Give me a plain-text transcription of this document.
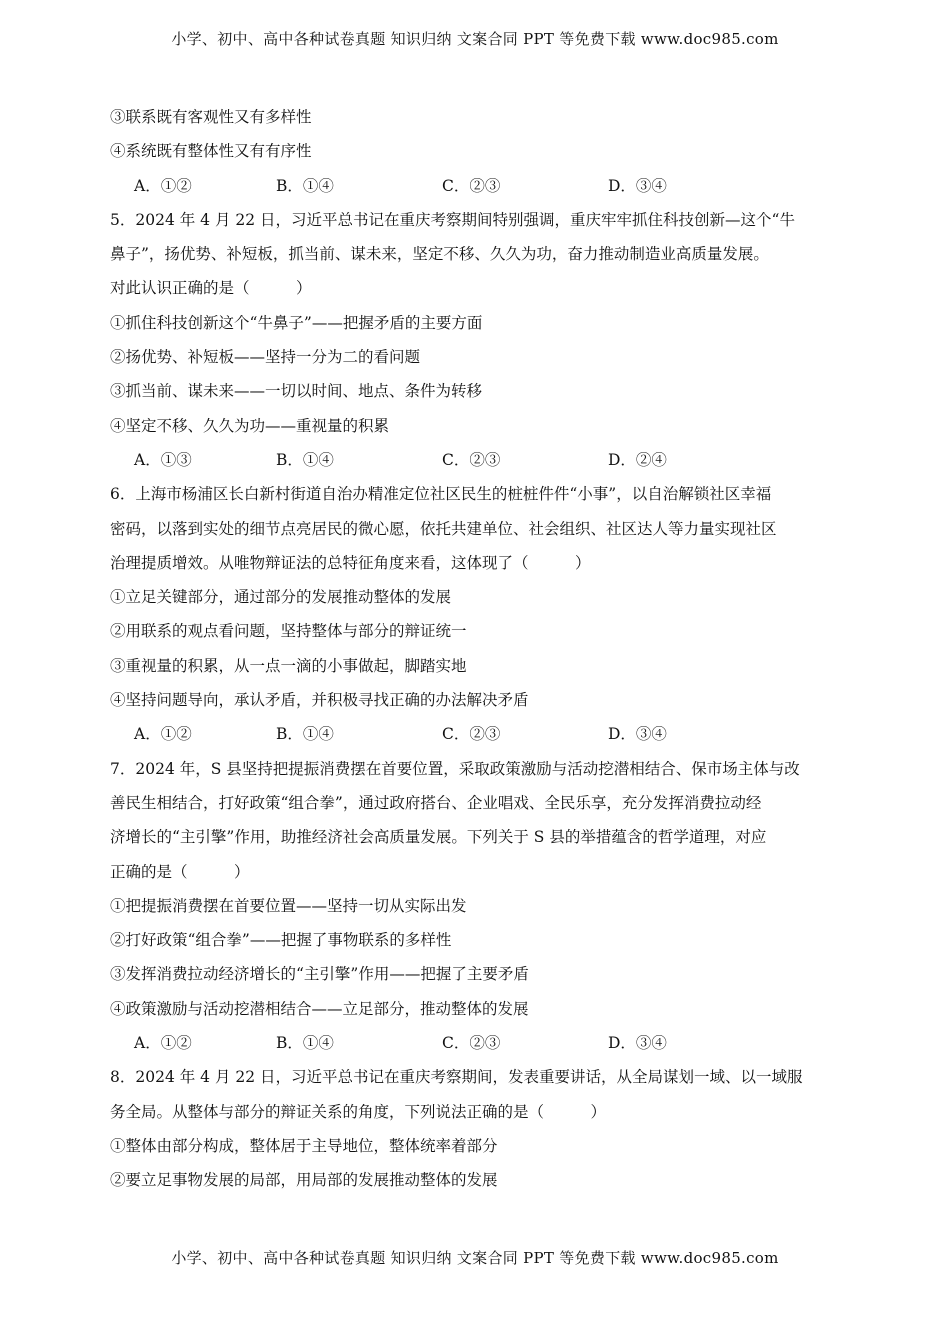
小学、初中、高中各种试卷真题 知识归纳 文案合同 PPT 等免费下载 www.doc985.com
③联系既有客观性又有多样性
④系统既有整体性又有有序性
A．①②	B．①④	C．②③	D．③④
5．2024 年 4 月 22 日，习近平总书记在重庆考察期间特别强调，重庆牢牢抓住科技创新—这个“牛
鼻子”，扬优势、补短板，抓当前、谋未来，坚定不移、久久为功，奋力推动制造业高质量发展。
对此认识正确的是（　　　）
①抓住科技创新这个“牛鼻子”——把握矛盾的主要方面
②扬优势、补短板——坚持一分为二的看问题
③抓当前、谋未来——一切以时间、地点、条件为转移
④坚定不移、久久为功——重视量的积累
A．①③	B．①④	C．②③	D．②④
6．上海市杨浦区长白新村街道自治办精准定位社区民生的桩桩件件“小事”，以自治解锁社区幸福
密码，以落到实处的细节点亮居民的微心愿，依托共建单位、社会组织、社区达人等力量实现社区
治理提质增效。从唯物辩证法的总特征角度来看，这体现了（　　　）
①立足关键部分，通过部分的发展推动整体的发展
②用联系的观点看问题，坚持整体与部分的辩证统一
③重视量的积累，从一点一滴的小事做起，脚踏实地
④坚持问题导向，承认矛盾，并积极寻找正确的办法解决矛盾
A．①②	B．①④	C．②③	D．③④
7．2024 年，S 县坚持把提振消费摆在首要位置，采取政策激励与活动挖潜相结合、保市场主体与改
善民生相结合，打好政策“组合拳”，通过政府搭台、企业唱戏、全民乐享，充分发挥消费拉动经
济增长的“主引擎”作用，助推经济社会高质量发展。下列关于 S 县的举措蕴含的哲学道理，对应
正确的是（　　　）
①把提振消费摆在首要位置——坚持一切从实际出发
②打好政策“组合拳”——把握了事物联系的多样性
③发挥消费拉动经济增长的“主引擎”作用——把握了主要矛盾
④政策激励与活动挖潜相结合——立足部分，推动整体的发展
A．①②	B．①④	C．②③	D．③④
8．2024 年 4 月 22 日，习近平总书记在重庆考察期间，发表重要讲话，从全局谋划一域、以一域服
务全局。从整体与部分的辩证关系的角度，下列说法正确的是（　　　）
①整体由部分构成，整体居于主导地位，整体统率着部分
②要立足事物发展的局部，用局部的发展推动整体的发展
小学、初中、高中各种试卷真题 知识归纳 文案合同 PPT 等免费下载 www.doc985.com
